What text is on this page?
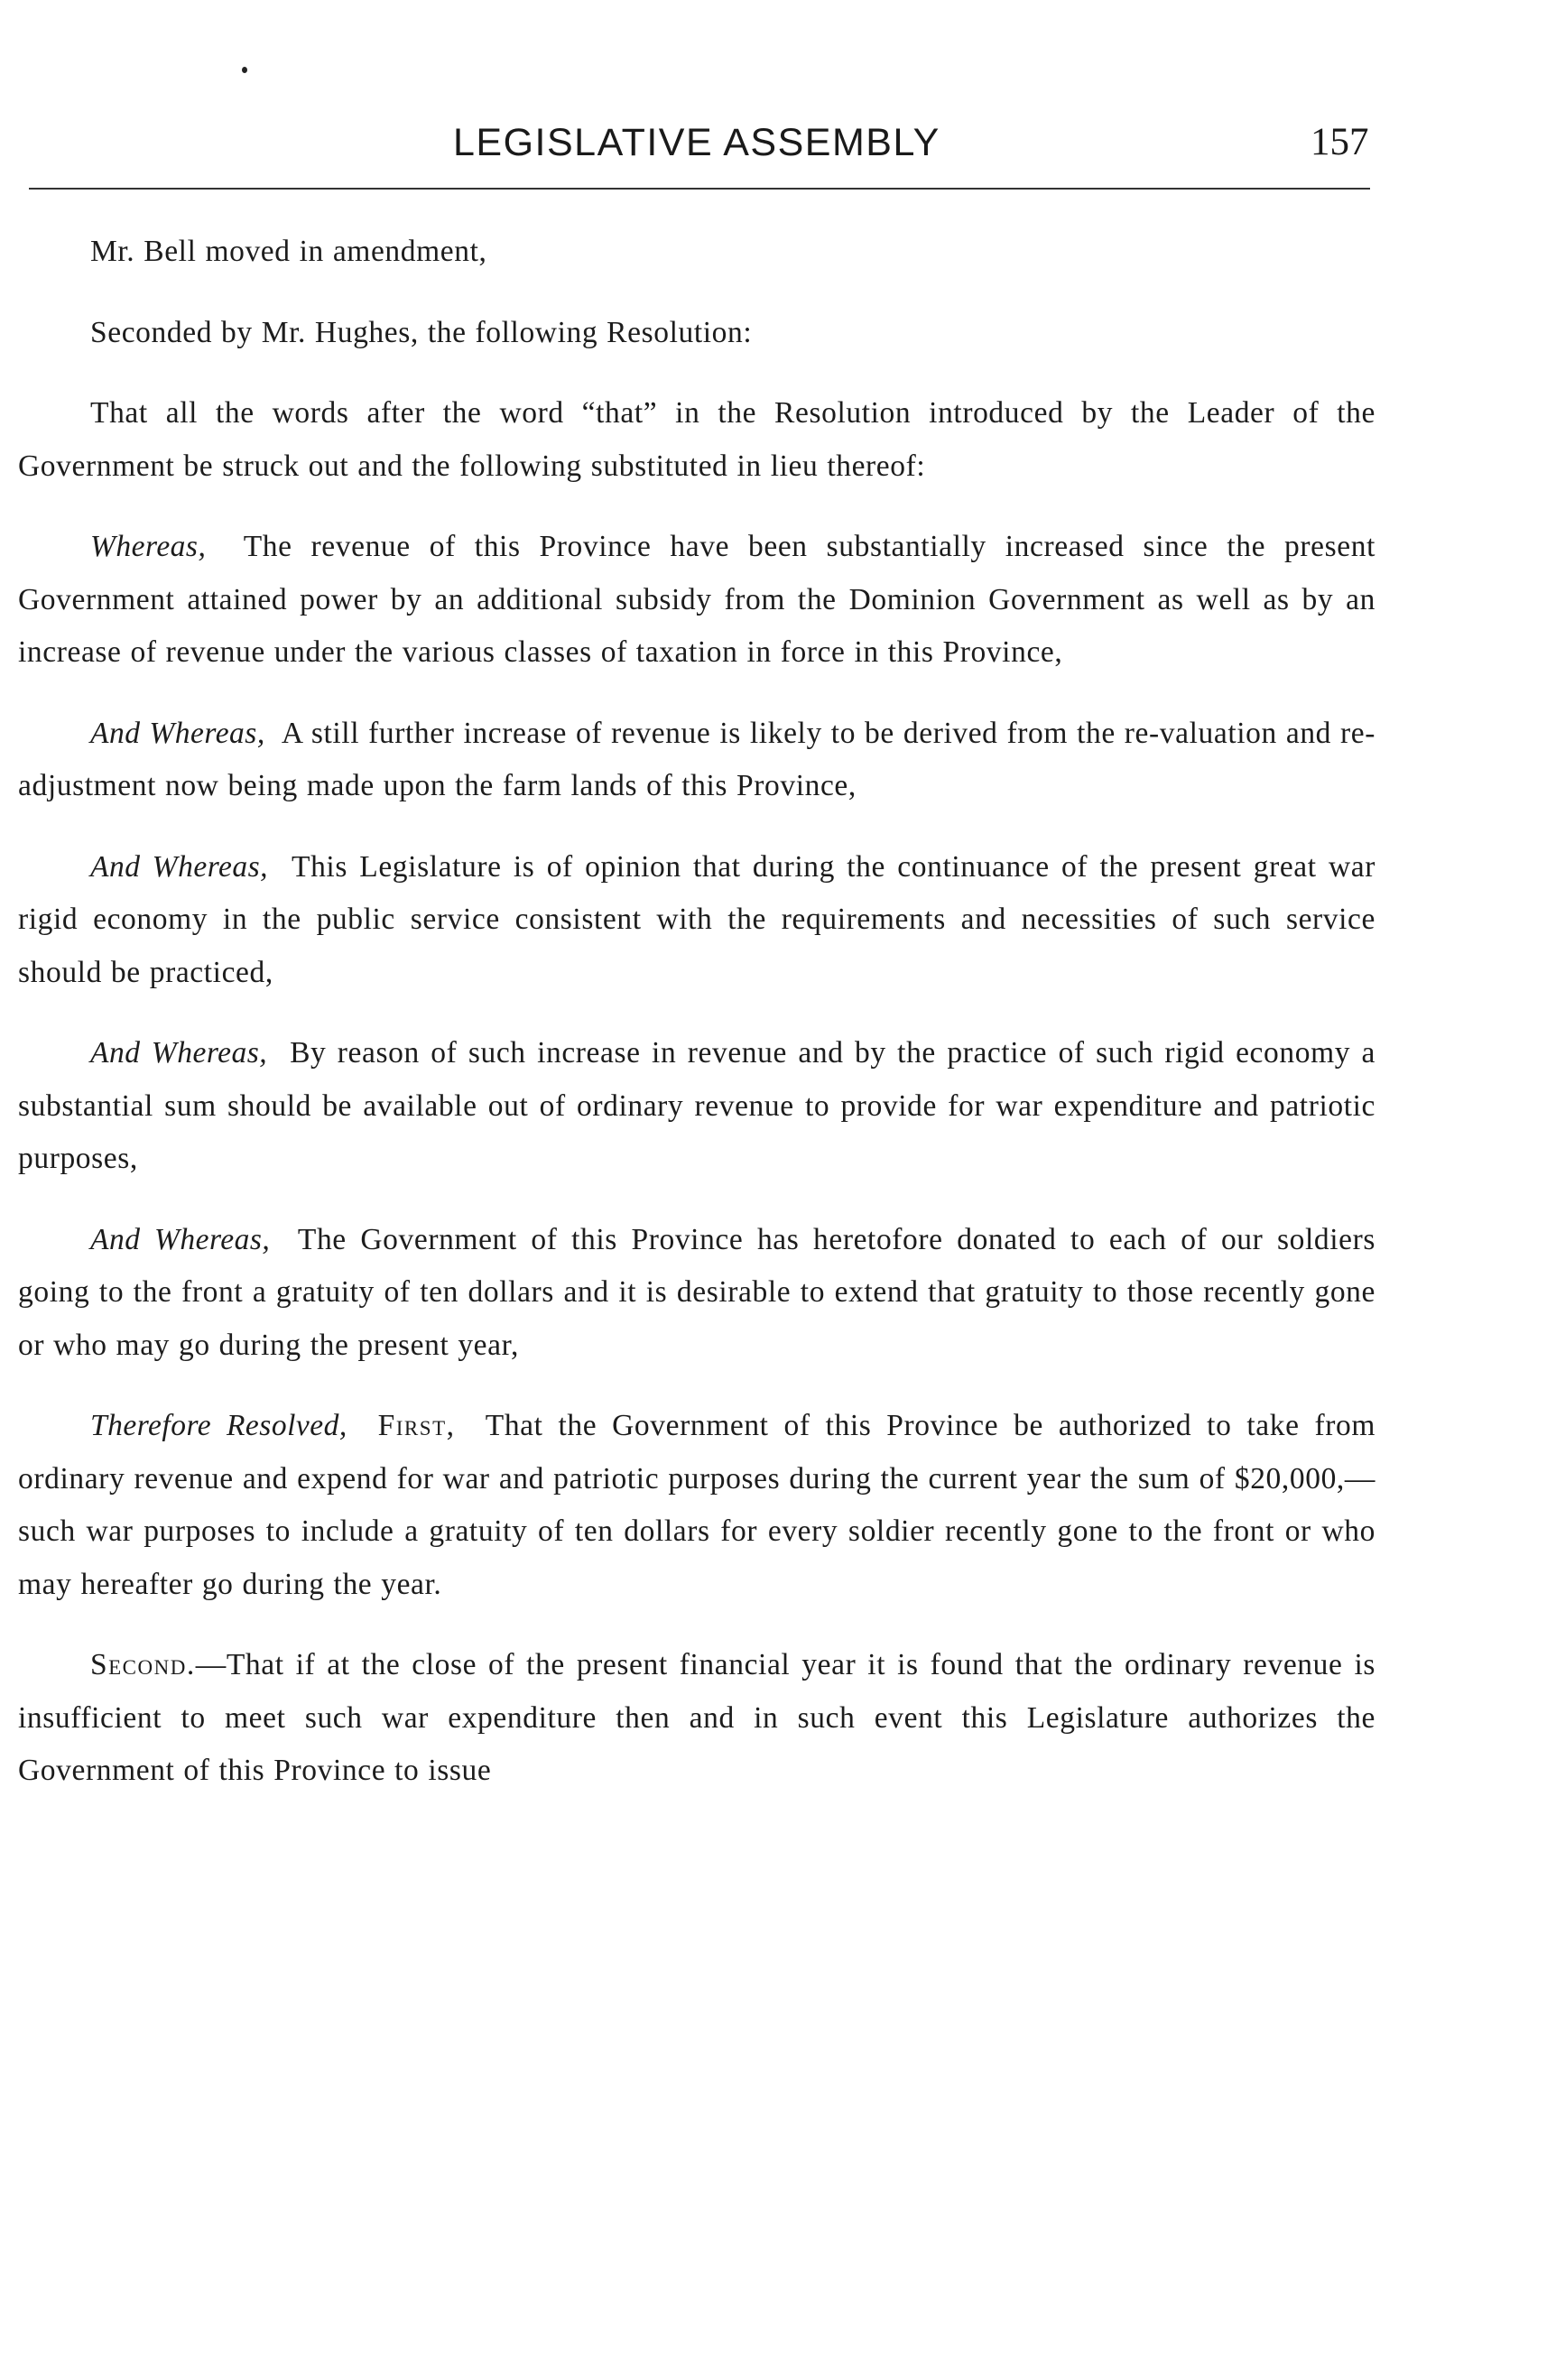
LEGISLATIVE ASSEMBLY	157

Mr. Bell moved in amendment,

Seconded by Mr. Hughes, the following Resolution:

That all the words after the word “that” in the Resolution introduced by the Leader of the Government be struck out and the following substituted in lieu thereof:

Whereas, The revenue of this Province have been substantially increased since the present Government attained power by an additional subsidy from the Dominion Government as well as by an increase of revenue under the various classes of taxation in force in this Province,

And Whereas, A still further increase of revenue is likely to be derived from the re-valuation and re-adjustment now being made upon the farm lands of this Province,

And Whereas, This Legislature is of opinion that during the continuance of the present great war rigid economy in the public service consistent with the requirements and necessities of such service should be practiced,

And Whereas, By reason of such increase in revenue and by the practice of such rigid economy a substantial sum should be available out of ordinary revenue to provide for war expenditure and patriotic purposes,

And Whereas, The Government of this Province has heretofore donated to each of our soldiers going to the front a gratuity of ten dollars and it is desirable to extend that gratuity to those recently gone or who may go during the present year,

Therefore Resolved, First, That the Government of this Province be authorized to take from ordinary revenue and expend for war and patriotic purposes during the current year the sum of $20,000,—such war purposes to include a gratuity of ten dollars for every soldier recently gone to the front or who may hereafter go during the year.

Second.—That if at the close of the present financial year it is found that the ordinary revenue is insufficient to meet such war expenditure then and in such event this Legislature authorizes the Government of this Province to issue
